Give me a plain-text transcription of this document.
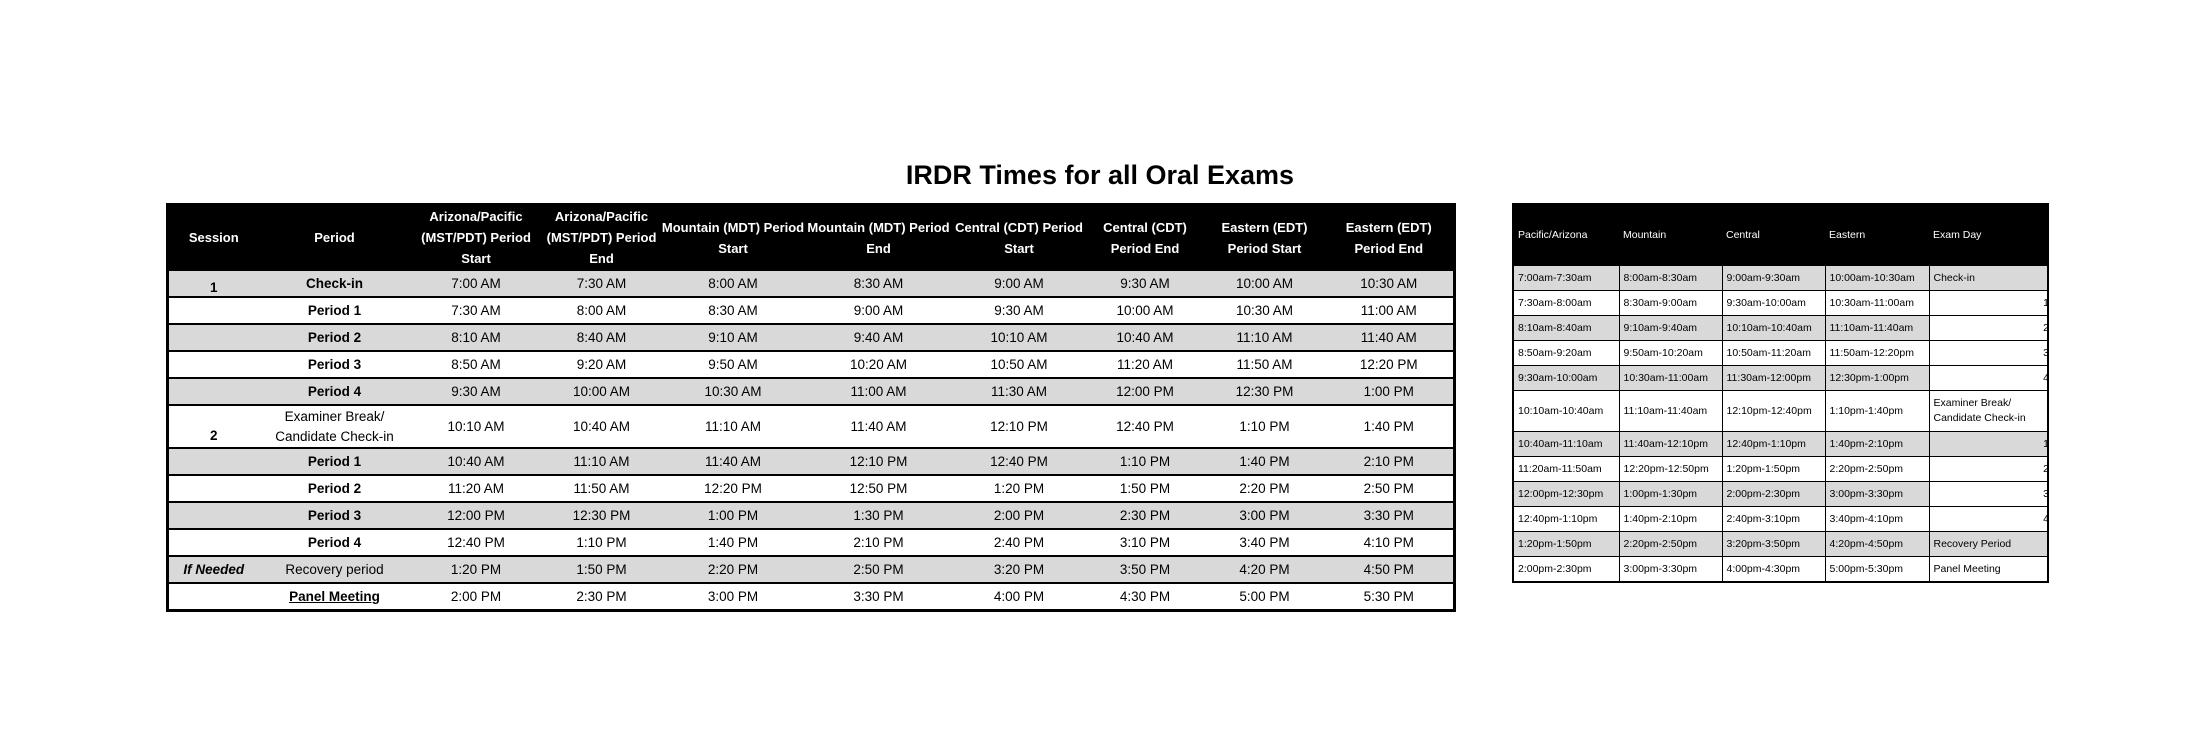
IRDR Times for all Oral Exams
Session	Period	Arizona/Pacific (MST/PDT) Period Start	Arizona/Pacific (MST/PDT) Period End	Mountain (MDT) Period Start	Mountain (MDT) Period End	Central (CDT) Period Start	Central (CDT) Period End	Eastern (EDT) Period Start	Eastern (EDT) Period End
1	Check-in	7:00 AM	7:30 AM	8:00 AM	8:30 AM	9:00 AM	9:30 AM	10:00 AM	10:30 AM
	Period 1	7:30 AM	8:00 AM	8:30 AM	9:00 AM	9:30 AM	10:00 AM	10:30 AM	11:00 AM
	Period 2	8:10 AM	8:40 AM	9:10 AM	9:40 AM	10:10 AM	10:40 AM	11:10 AM	11:40 AM
	Period 3	8:50 AM	9:20 AM	9:50 AM	10:20 AM	10:50 AM	11:20 AM	11:50 AM	12:20 PM
	Period 4	9:30 AM	10:00 AM	10:30 AM	11:00 AM	11:30 AM	12:00 PM	12:30 PM	1:00 PM
2	Examiner Break/ Candidate Check-in	10:10 AM	10:40 AM	11:10 AM	11:40 AM	12:10 PM	12:40 PM	1:10 PM	1:40 PM
	Period 1	10:40 AM	11:10 AM	11:40 AM	12:10 PM	12:40 PM	1:10 PM	1:40 PM	2:10 PM
	Period 2	11:20 AM	11:50 AM	12:20 PM	12:50 PM	1:20 PM	1:50 PM	2:20 PM	2:50 PM
	Period 3	12:00 PM	12:30 PM	1:00 PM	1:30 PM	2:00 PM	2:30 PM	3:00 PM	3:30 PM
	Period 4	12:40 PM	1:10 PM	1:40 PM	2:10 PM	2:40 PM	3:10 PM	3:40 PM	4:10 PM
If Needed	Recovery period	1:20 PM	1:50 PM	2:20 PM	2:50 PM	3:20 PM	3:50 PM	4:20 PM	4:50 PM
	Panel Meeting	2:00 PM	2:30 PM	3:00 PM	3:30 PM	4:00 PM	4:30 PM	5:00 PM	5:30 PM
Pacific/Arizona	Mountain	Central	Eastern	Exam Day
7:00am-7:30am	8:00am-8:30am	9:00am-9:30am	10:00am-10:30am	Check-in

7:30am-8:00am	8:30am-9:00am	9:30am-10:00am	10:30am-11:00am	1

8:10am-8:40am	9:10am-9:40am	10:10am-10:40am	11:10am-11:40am	2

8:50am-9:20am	9:50am-10:20am	10:50am-11:20am	11:50am-12:20pm	3

9:30am-10:00am	10:30am-11:00am	11:30am-12:00pm	12:30pm-1:00pm	4

10:10am-10:40am	11:10am-11:40am	12:10pm-12:40pm	1:10pm-1:40pm	Examiner Break/ Candidate Check-in

10:40am-11:10am	11:40am-12:10pm	12:40pm-1:10pm	1:40pm-2:10pm	1

11:20am-11:50am	12:20pm-12:50pm	1:20pm-1:50pm	2:20pm-2:50pm	2

12:00pm-12:30pm	1:00pm-1:30pm	2:00pm-2:30pm	3:00pm-3:30pm	3

12:40pm-1:10pm	1:40pm-2:10pm	2:40pm-3:10pm	3:40pm-4:10pm	4

1:20pm-1:50pm	2:20pm-2:50pm	3:20pm-3:50pm	4:20pm-4:50pm	Recovery Period

2:00pm-2:30pm	3:00pm-3:30pm	4:00pm-4:30pm	5:00pm-5:30pm	Panel Meeting
